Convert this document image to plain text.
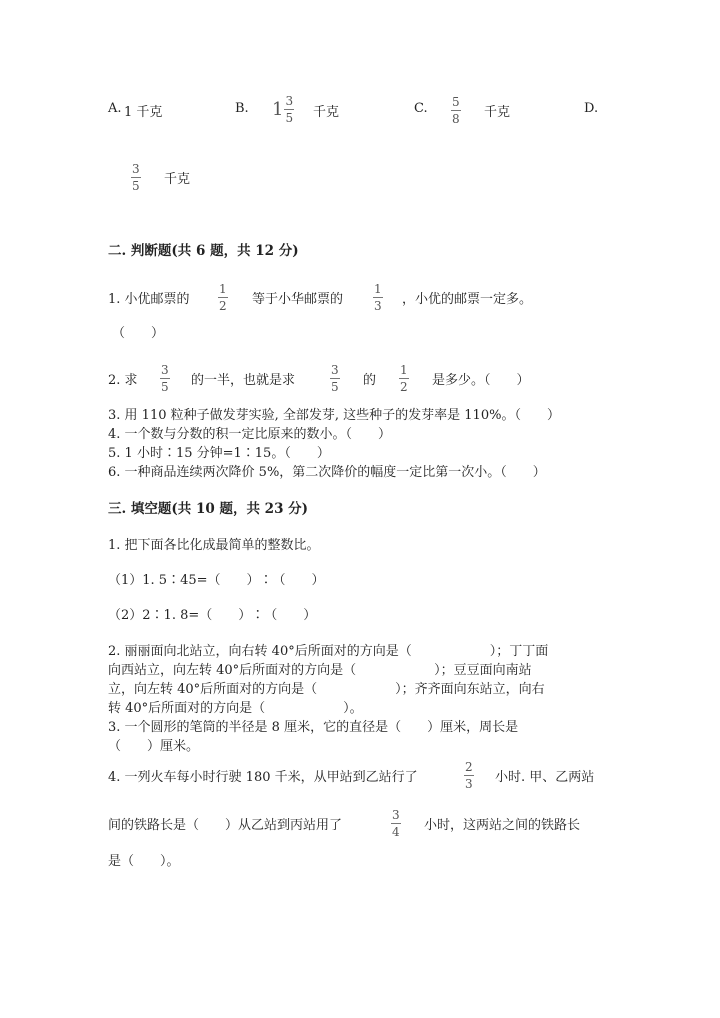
A. 1 千克	B. $1 \frac{3}{5}$ 千克	C. $\frac{5}{8}$ 千克	D.
$\frac{3}{5}$ 千克
二. 判断题(共 6 题，共 12 分)
1. 小优邮票的 $\frac{1}{2}$ 等于小华邮票的 $\frac{1}{3}$ ，小优的邮票一定多。
（　　）
2. 求 $\frac{3}{5}$ 的一半，也就是求	$\frac{3}{5}$ 的 $\frac{1}{2}$ 是多少。（　　）
3. 用 110 粒种子做发芽实验, 全部发芽, 这些种子的发芽率是 110%。（　　）
4. 一个数与分数的积一定比原来的数小。（　　）
5. 1 小时∶15 分钟=1∶15。（　　）
6. 一种商品连续两次降价 5%，第二次降价的幅度一定比第一次小。（　　）
三. 填空题(共 10 题，共 23 分)
1. 把下面各比化成最简单的整数比。
（1）1. 5∶45=（　　）∶（　　）
（2）2∶1. 8=（　　）∶（　　）
2. 丽丽面向北站立，向右转 40°后所面对的方向是（　　　　　　）；丁丁面
向西站立，向左转 40°后所面对的方向是（　　　　　　）；豆豆面向南站
立，向左转 40°后所面对的方向是（　　　　　　）；齐齐面向东站立，向右
转 40°后所面对的方向是（　　　　　　）。
3. 一个圆形的笔筒的半径是 8 厘米，它的直径是（　　）厘米，周长是
（　　）厘米。
4. 一列火车每小时行驶 180 千米，从甲站到乙站行了	$\frac{2}{3}$ 小时. 甲、乙两站
间的铁路长是（　　）从乙站到丙站用了	$\frac{3}{4}$ 小时，这两站之间的铁路长
是（　　）。
